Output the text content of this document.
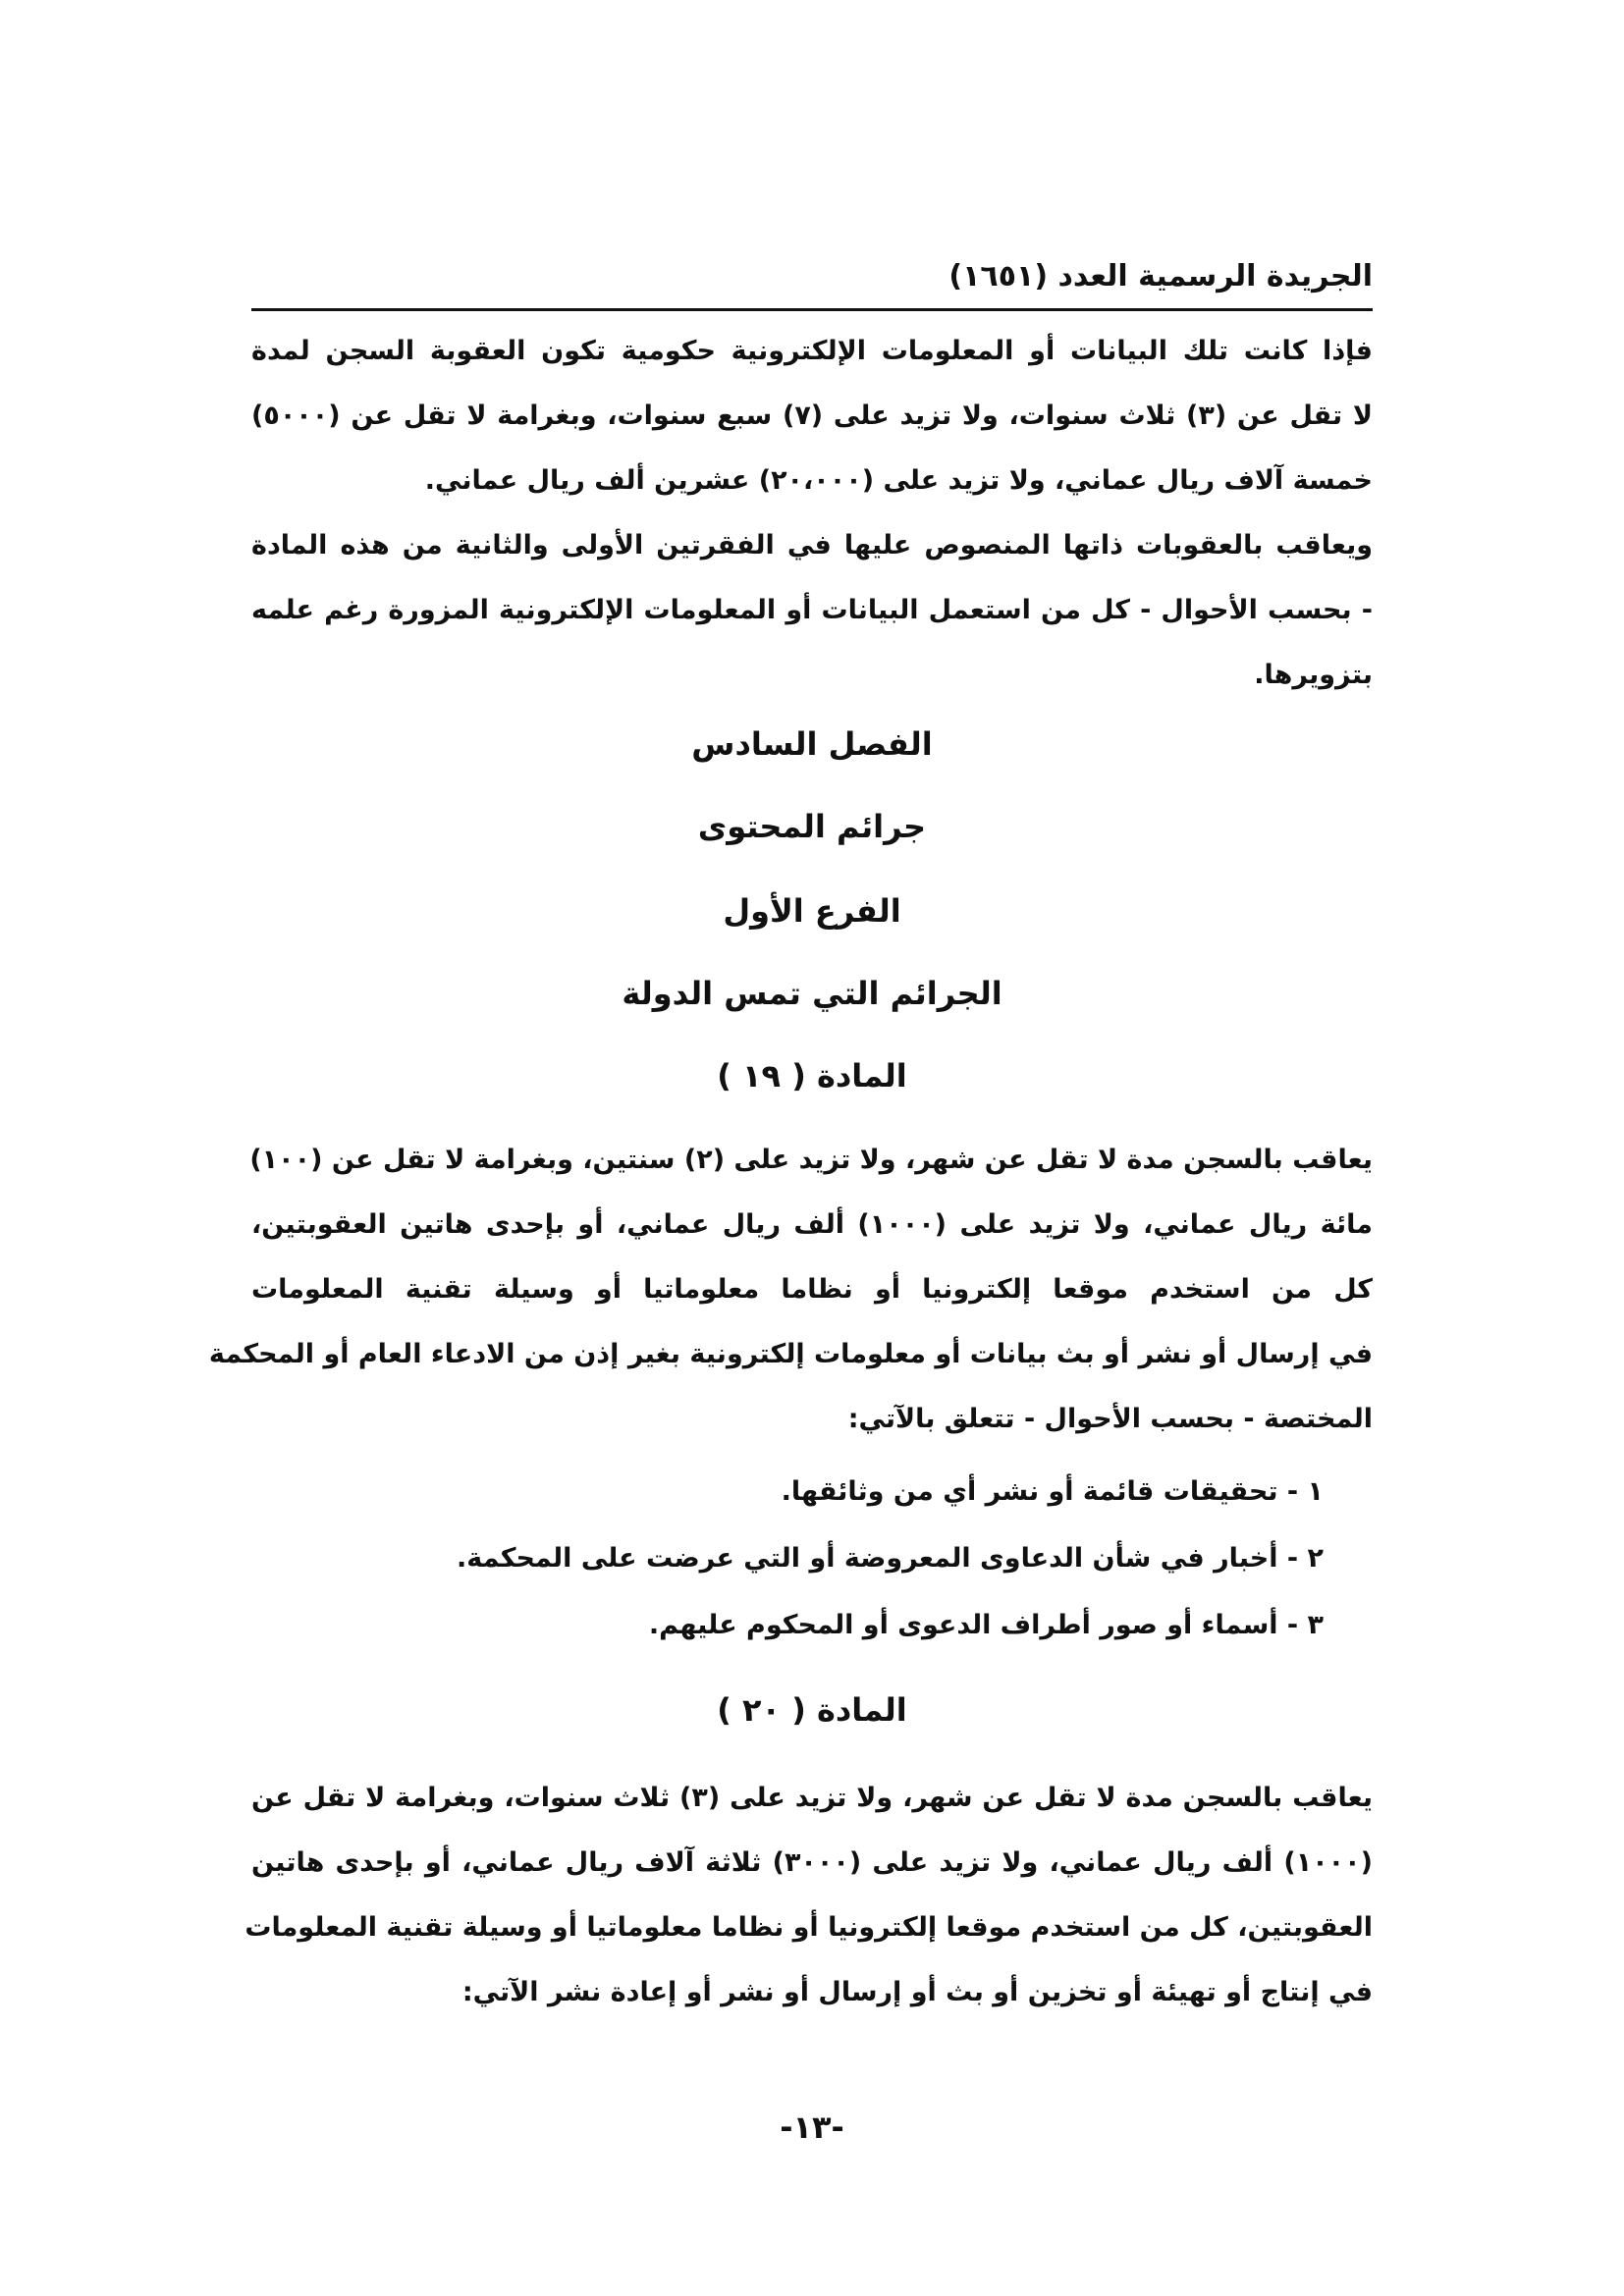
الجريدة الرسمية العدد (١٦٥١)
فإذا كانت تلك البيانات أو المعلومات الإلكترونية حكومية تكون العقوبة السجن لمدة
لا تقل عن (٣) ثلاث سنوات، ولا تزيد على (٧) سبع سنوات، وبغرامة لا تقل عن (٥٠٠٠)
خمسة آلاف ريال عماني، ولا تزيد على (٢٠،٠٠٠) عشرين ألف ريال عماني.
ويعاقب بالعقوبات ذاتها المنصوص عليها في الفقرتين الأولى والثانية من هذه المادة
- بحسب الأحوال - كل من استعمل البيانات أو المعلومات الإلكترونية المزورة رغم علمه
بتزويرها.
الفصل السادس
جرائم المحتوى
الفرع الأول
الجرائم التي تمس الدولة
المادة ( ١٩ )
يعاقب بالسجن مدة لا تقل عن شهر، ولا تزيد على (٢) سنتين، وبغرامة لا تقل عن (١٠٠)
مائة ريال عماني، ولا تزيد على (١٠٠٠) ألف ريال عماني، أو بإحدى هاتين العقوبتين،
كل من استخدم موقعا إلكترونيا أو نظاما معلوماتيا أو وسيلة تقنية المعلومات
في إرسال أو نشر أو بث بيانات أو معلومات إلكترونية بغير إذن من الادعاء العام أو المحكمة
المختصة - بحسب الأحوال - تتعلق بالآتي:
١ - تحقيقات قائمة أو نشر أي من وثائقها.
٢ - أخبار في شأن الدعاوى المعروضة أو التي عرضت على المحكمة.
٣ - أسماء أو صور أطراف الدعوى أو المحكوم عليهم.
المادة ( ٢٠ )
يعاقب بالسجن مدة لا تقل عن شهر، ولا تزيد على (٣) ثلاث سنوات، وبغرامة لا تقل عن
(١٠٠٠) ألف ريال عماني، ولا تزيد على (٣٠٠٠) ثلاثة آلاف ريال عماني، أو بإحدى هاتين
العقوبتين، كل من استخدم موقعا إلكترونيا أو نظاما معلوماتيا أو وسيلة تقنية المعلومات
في إنتاج أو تهيئة أو تخزين أو بث أو إرسال أو نشر أو إعادة نشر الآتي:
-١٣-
